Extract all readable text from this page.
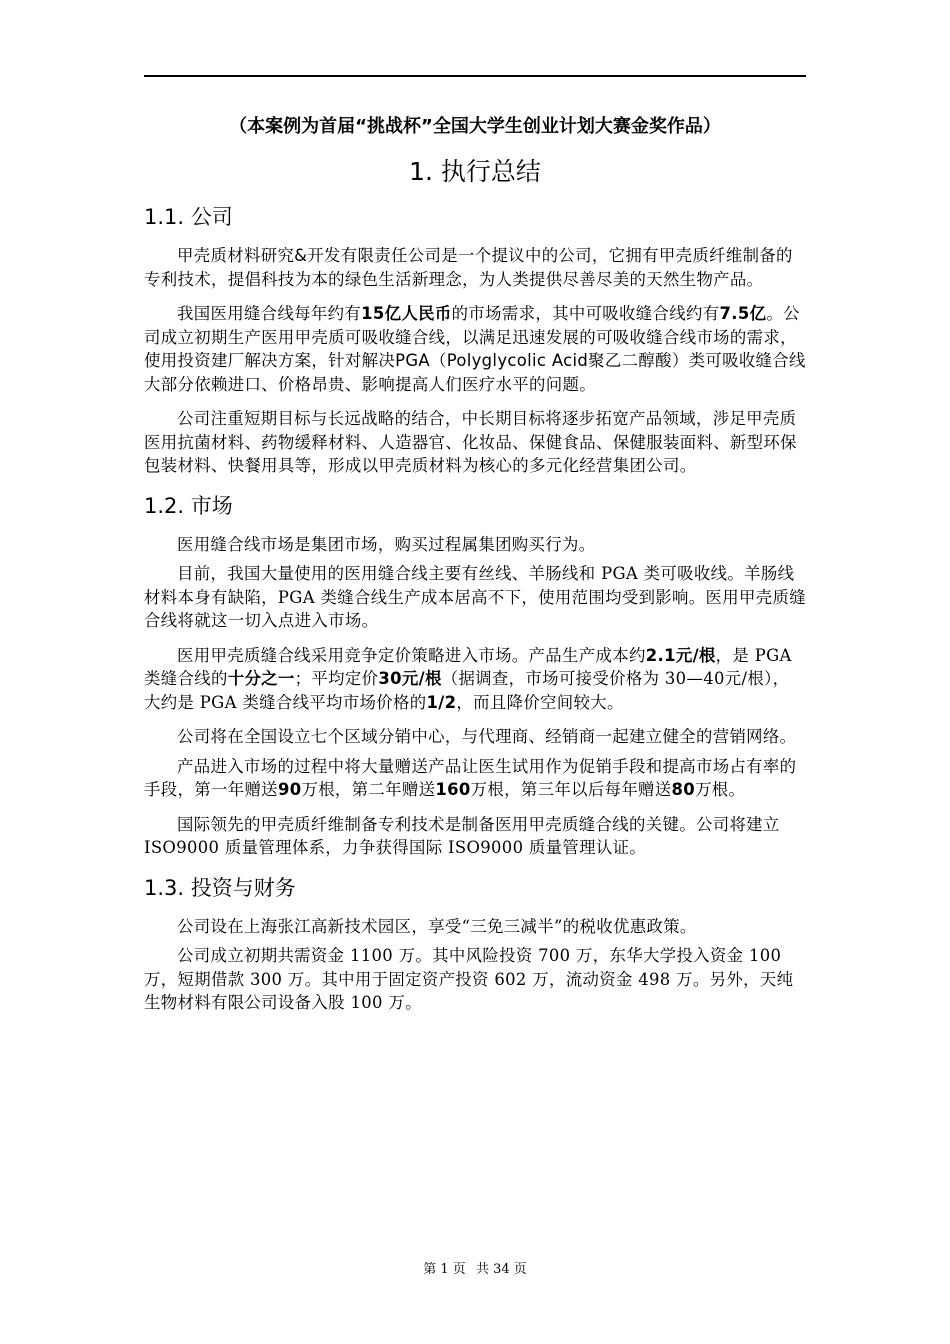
（本案例为首届“挑战杯”全国大学生创业计划大赛金奖作品）
1. 执行总结
1.1. 公司

甲壳质材料研究&开发有限责任公司是一个提议中的公司，它拥有甲壳质纤维制备的专利技术，提倡科技为本的绿色生活新理念，为人类提供尽善尽美的天然生物产品。

我国医用缝合线每年约有15亿人民币的市场需求，其中可吸收缝合线约有7.5亿。公司成立初期生产医用甲壳质可吸收缝合线，以满足迅速发展的可吸收缝合线市场的需求，使用投资建厂解决方案，针对解决PGA（Polyglycolic Acid聚乙二醇酸）类可吸收缝合线大部分依赖进口、价格昂贵、影响提高人们医疗水平的问题。

公司注重短期目标与长远战略的结合，中长期目标将逐步拓宽产品领域，涉足甲壳质医用抗菌材料、药物缓释材料、人造器官、化妆品、保健食品、保健服装面料、新型环保包装材料、快餐用具等，形成以甲壳质材料为核心的多元化经营集团公司。

1.2. 市场

医用缝合线市场是集团市场，购买过程属集团购买行为。

目前，我国大量使用的医用缝合线主要有丝线、羊肠线和 PGA 类可吸收线。羊肠线材料本身有缺陷，PGA 类缝合线生产成本居高不下，使用范围均受到影响。医用甲壳质缝合线将就这一切入点进入市场。

医用甲壳质缝合线采用竞争定价策略进入市场。产品生产成本约2.1元/根，是 PGA 类缝合线的十分之一；平均定价30元/根（据调查，市场可接受价格为 30—40元/根），大约是 PGA 类缝合线平均市场价格的1/2，而且降价空间较大。

公司将在全国设立七个区域分销中心，与代理商、经销商一起建立健全的营销网络。

产品进入市场的过程中将大量赠送产品让医生试用作为促销手段和提高市场占有率的手段，第一年赠送90万根，第二年赠送160万根，第三年以后每年赠送80万根。

国际领先的甲壳质纤维制备专利技术是制备医用甲壳质缝合线的关键。公司将建立 ISO9000 质量管理体系，力争获得国际 ISO9000 质量管理认证。

1.3. 投资与财务

公司设在上海张江高新技术园区，享受“三免三减半”的税收优惠政策。

公司成立初期共需资金 1100 万。其中风险投资 700 万，东华大学投入资金 100 万，短期借款 300 万。其中用于固定资产投资 602 万，流动资金 498 万。另外，天纯生物材料有限公司设备入股 100 万。

第 1 页 共 34 页
